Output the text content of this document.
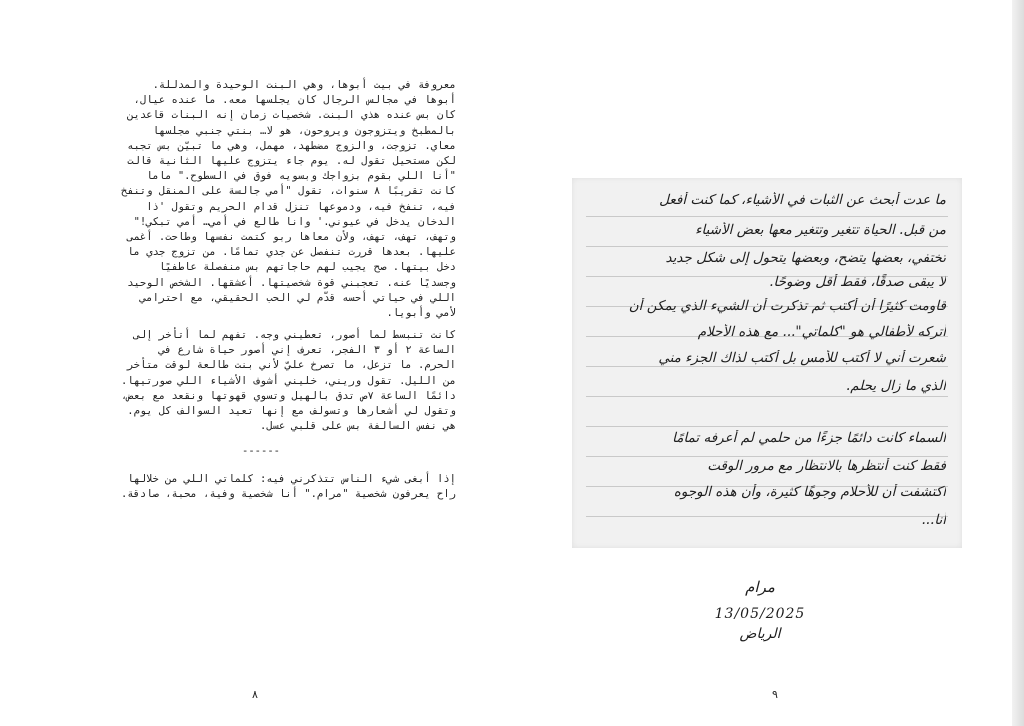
معروفة في بيت أبوها، وهي البنت الوحيدة والمدللة.

أبوها في مجالس الرجال كان يجلسها معه. ما عنده عيال،

كان بس عنده هذي البنت. شخصيات زمان إنه البنات قاعدين

بالمطبخ ويتزوجون ويروحون، هو لا… بنتي جنبي مجلسها

معاي. تزوجت، والزوج مضطهد، مهمل، وهي ما تبيّن بس تجبه

لكن مستحيل تقول له. يوم جاء يتزوج عليها الثانية قالت

"أنا اللي بقوم بزواجك وبسويه فوق في السطوح." ماما

كانت تقريبًا ٨ سنوات، تقول "أمي جالسة على المنقل وتنفخ

فيه، تنفخ فيه، ودموعها تنزل قدام الحريم وتقول 'ذا

الدخان يدخل في عيوني.' وانا طالع في أمي… أمي تبكي!"

وتهف، تهف، تهف، ولأن معاها ربو كتمت نفسها وطاحت. أغمى

عليها. بعدها قررت تنفصل عن جدي تمامًا. من تزوج جدي ما

دخل بيتها. صح يجيب لهم حاجاتهم بس منفصلة عاطفيًا

وجسديًا عنه. تعجبني قوة شخصيتها. أعشقها. الشخص الوحيد

اللي في حياتي أحسه قدّم لي الحب الحقيقي، مع احترامي

لأمي وأبويا.

كانت تنبسط لما أصور، تعطيني وجه. تفهم لما أتأخر إلى

الساعة ٢ أو ٣ الفجر، تعرف إني أصور حياة شارع في

الحرم. ما تزعل، ما تصرخ عليّ لأني بنت طالعة لوقت متأخر

من الليل. تقول وريني، خليني أشوف الأشياء اللي صورتيها.

دائمًا الساعة ٧ص تدق بالهيل وتسوي قهوتها ونقعد مع بعض،

وتقول لي أشعارها وتسولف مع إنها تعيد السوالف كل يوم.

هي نفس السالفة بس على قلبي عسل.

------

إذا أبغى شيء الناس تتذكرني فيه: كلماتي اللي من خلالها

راح يعرفون شخصية "مرام." أنا شخصية وفية، محبة، صادقة.

٨	٩
ما عدت أبحث عن الثبات في الأشياء، كما كنت أفعل
من قبل. الحياة تتغير وتتغير معها بعض الأشياء
تختفي، بعضها يتضح، وبعضها يتحول إلى شكل جديد
لا يبقى صدقًا، فقط أقل وضوحًا.
قاومت كثيرًا أن أكتب ثم تذكرت أن الشيء الذي يمكن أن
أتركه لأطفالي هو "كلماتي"... مع هذه الأحلام
شعرت أني لا أكتب للأمس بل أكتب لذاك الجزء مني
الذي ما زال يحلم.
السماء كانت دائمًا جزءًا من حلمي لم أعرفه تمامًا
فقط كنت أنتظرها بالانتظار مع مرور الوقت
اكتشفت أن للأحلام وجوهًا كثيرة، وأن هذه الوجوه
أنا...
مرام
13/05/2025
الرياض
